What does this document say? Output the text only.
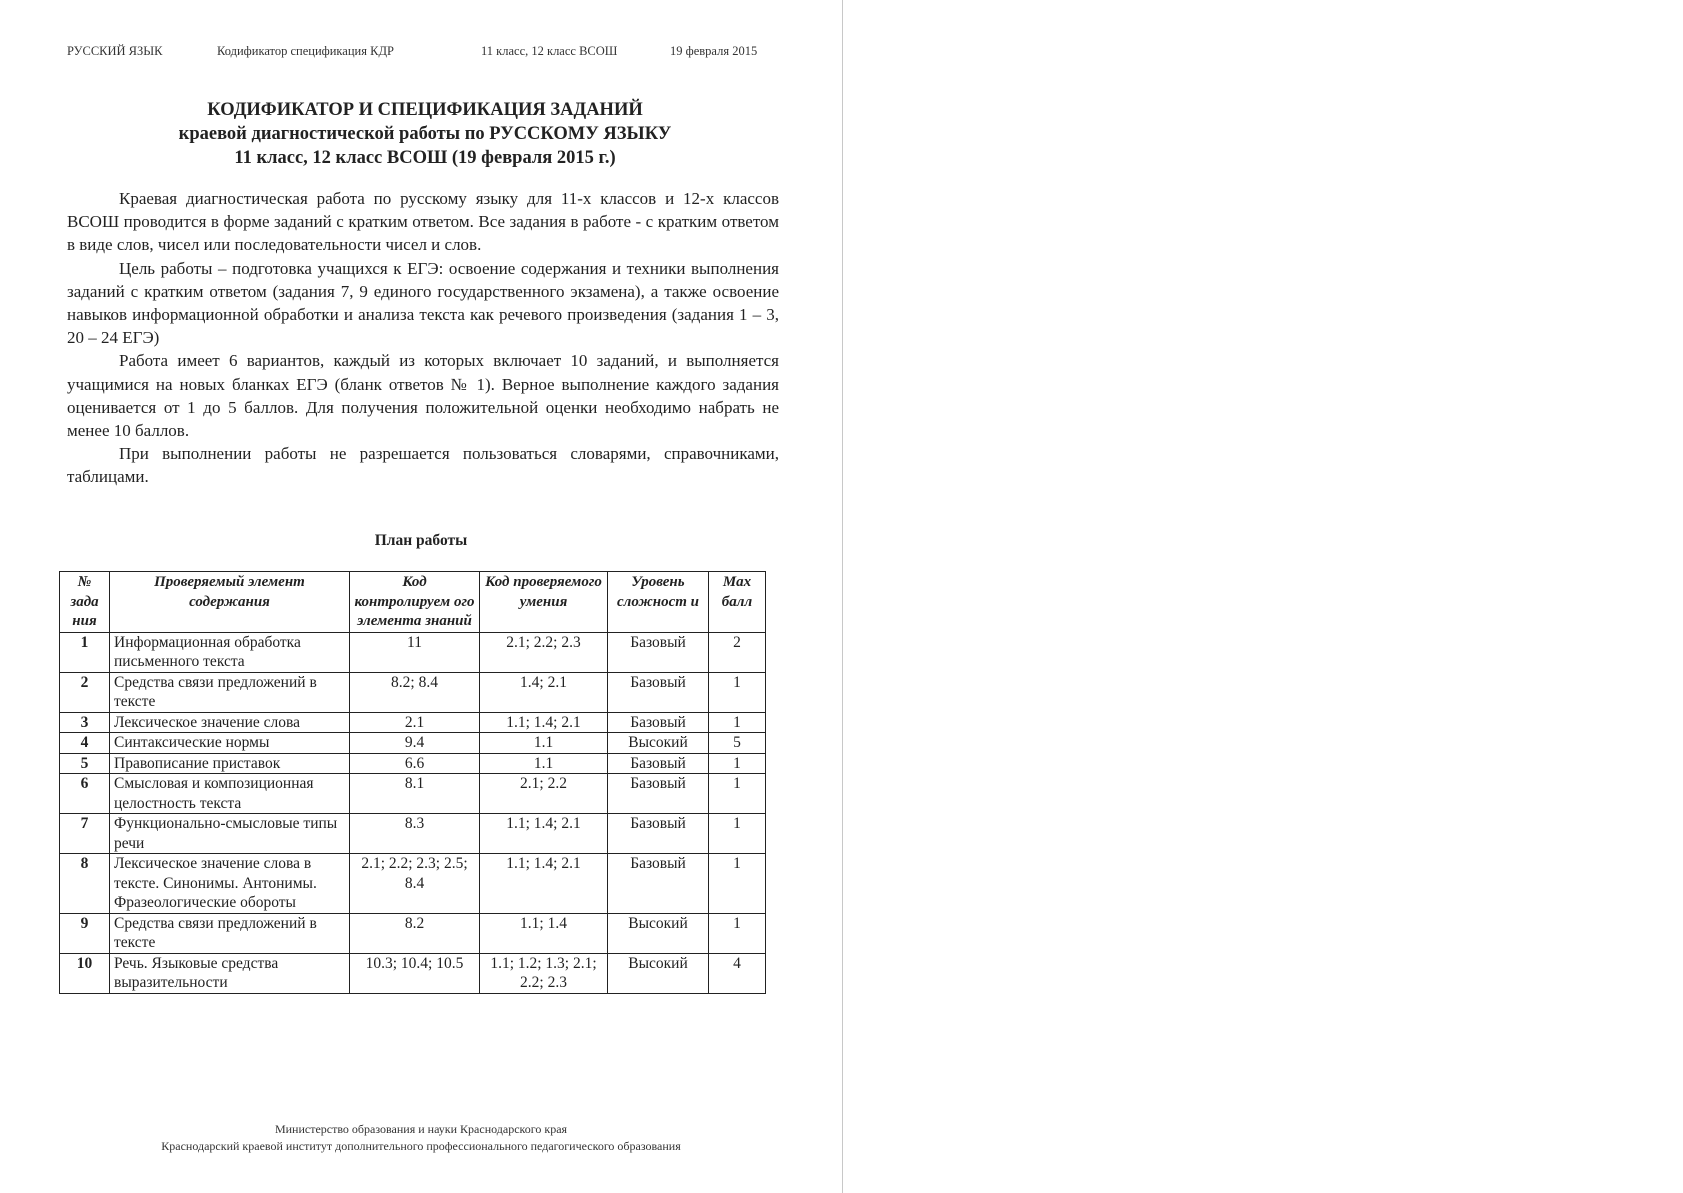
РУССКИЙ ЯЗЫК	Кодификатор спецификация КДР	11 класс, 12 класс ВСОШ	19 февраля 2015
КОДИФИКАТОР И СПЕЦИФИКАЦИЯ ЗАДАНИЙ
краевой диагностической работы по РУССКОМУ ЯЗЫКУ
11 класс, 12 класс ВСОШ (19 февраля 2015 г.)

Краевая диагностическая работа по русскому языку для 11-х классов и 12-х классов ВСОШ проводится в форме заданий с кратким ответом. Все задания в работе - с кратким ответом в виде слов, чисел или последовательности чисел и слов.

Цель работы – подготовка учащихся к ЕГЭ: освоение содержания и техники выполнения заданий с кратким ответом (задания 7, 9 единого государственного экзамена), а также освоение навыков информационной обработки и анализа текста как речевого произведения (задания 1 – 3, 20 – 24 ЕГЭ)

Работа имеет 6 вариантов, каждый из которых включает 10 заданий, и выполняется учащимися на новых бланках ЕГЭ (бланк ответов № 1). Верное выполнение каждого задания оценивается от 1 до 5 баллов. Для получения положительной оценки необходимо набрать не менее 10 баллов.

При выполнении работы не разрешается пользоваться словарями, справочниками, таблицами.

План работы
№ зада ния	Проверяемый элемент содержания	Код контролируем ого элемента знаний	Код проверяемого умения	Уровень сложност и	Max балл
1	Информационная обработка письменного текста	11	2.1; 2.2; 2.3	Базовый	2
2	Средства связи предложений в тексте	8.2; 8.4	1.4; 2.1	Базовый	1
3	Лексическое значение слова	2.1	1.1; 1.4; 2.1	Базовый	1
4	Синтаксические нормы	9.4	1.1	Высокий	5
5	Правописание приставок	6.6	1.1	Базовый	1
6	Смысловая и композиционная целостность текста	8.1	2.1; 2.2	Базовый	1
7	Функционально-смысловые типы речи	8.3	1.1; 1.4; 2.1	Базовый	1
8	Лексическое значение слова в тексте. Синонимы. Антонимы. Фразеологические обороты	2.1; 2.2; 2.3; 2.5; 8.4	1.1; 1.4; 2.1	Базовый	1
9	Средства связи предложений в тексте	8.2	1.1; 1.4	Высокий	1
10	Речь. Языковые средства выразительности	10.3; 10.4; 10.5	1.1; 1.2; 1.3; 2.1; 2.2; 2.3	Высокий	4
Министерство образования и науки Краснодарского края
Краснодарский краевой институт дополнительного профессионального педагогического образования
